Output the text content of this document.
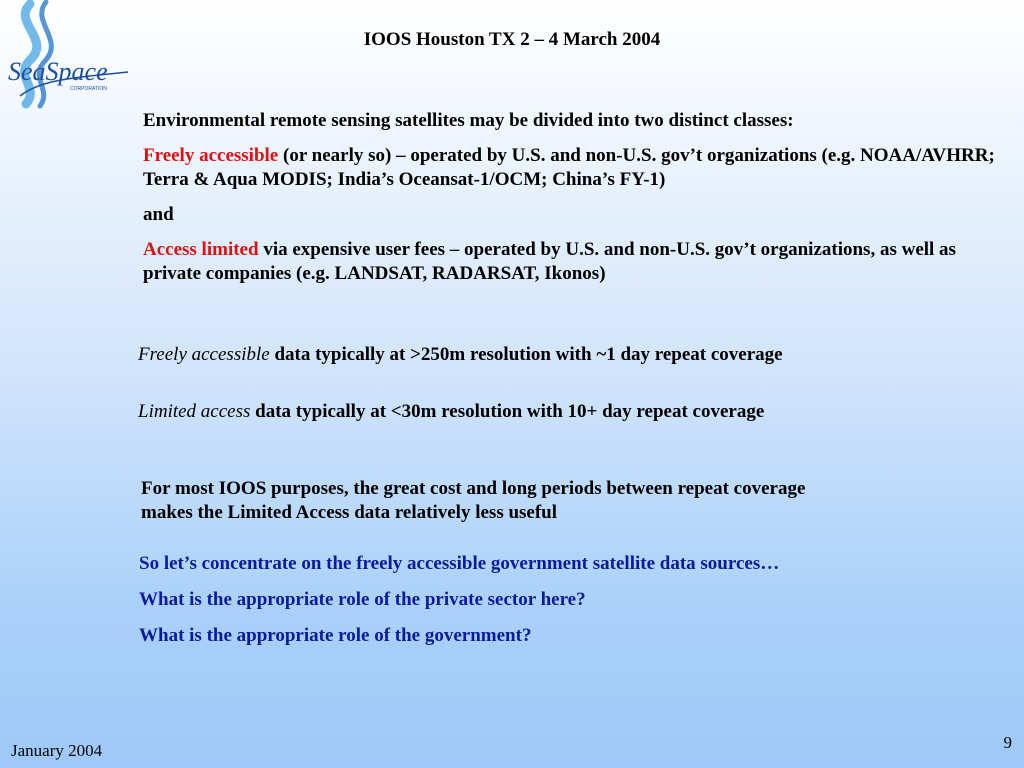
SeaSpace
CORPORATION
IOOS Houston TX 2 – 4 March 2004
Environmental remote sensing satellites may be divided into two distinct classes:
Freely accessible (or nearly so) – operated by U.S. and non-U.S. gov’t organizations (e.g. NOAA/AVHRR; Terra & Aqua MODIS; India’s Oceansat-1/OCM; China’s FY-1)
and
Access limited via expensive user fees – operated by U.S. and non-U.S. gov’t organizations, as well as private companies (e.g. LANDSAT, RADARSAT, Ikonos)
Freely accessible data typically at >250m resolution with ~1 day repeat coverage
Limited access data typically at <30m resolution with 10+ day repeat coverage
For most IOOS purposes, the great cost and long periods between repeat coverage makes the Limited Access data relatively less useful
So let’s concentrate on the freely accessible government satellite data sources…
What is the appropriate role of the private sector here?
What is the appropriate role of the government?
January 2004	9
